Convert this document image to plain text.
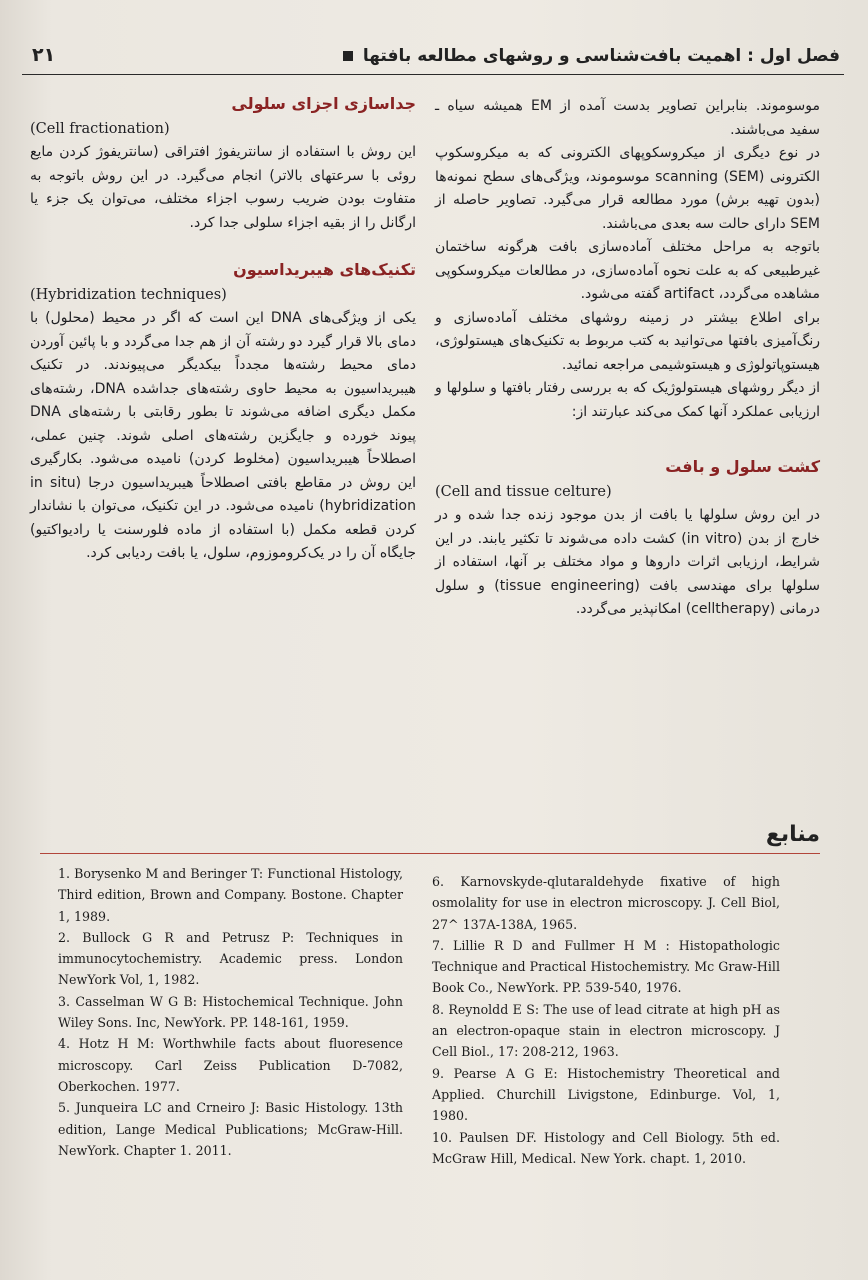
فصل اول : اهمیت بافت‌شناسی و روشهای مطالعه بافتها
۲۱

موسوموند. بنابراین تصاویر بدست آمده از EM همیشه سیاه ـ سفید می‌باشند.

در نوع دیگری از میکروسکوپهای الکترونی که به میکروسکوپ الکترونی scanning (SEM) موسوموند، ویژگی‌های سطح نمونه‌ها (بدون تهیه برش) مورد مطالعه قرار می‌گیرد. تصاویر حاصله از SEM دارای حالت سه بعدی می‌باشند.

باتوجه به مراحل مختلف آماده‌سازی بافت هرگونه ساختمان غیرطبیعی که به علت نحوه آماده‌سازی، در مطالعات میکروسکوپی مشاهده می‌گردد، artifact گفته می‌شود.

برای اطلاع بیشتر در زمینه روشهای مختلف آماده‌سازی و رنگ‌آمیزی بافتها می‌توانید به کتب مربوط به تکنیک‌های هیستولوژی، هیستوپاتولوژی و هیستوشیمی مراجعه نمائید.

از دیگر روشهای هیستولوژیک که به بررسی رفتار بافتها و سلولها و ارزیابی عملکرد آنها کمک می‌کند عبارتند از:

کشت سلول و بافت
(Cell and tissue celture)

در این روش سلولها یا بافت از بدن موجود زنده جدا شده و در خارج از بدن (in vitro) کشت داده می‌شوند تا تکثیر یابند. در این شرایط، ارزیابی اثرات داروها و مواد مختلف بر آنها، استفاده از سلولها برای مهندسی بافت (tissue engineering) و سلول درمانی (celltherapy) امکانپذیر می‌گردد.

جداسازی اجزای سلولی
(Cell fractionation)

این روش با استفاده از سانتریفوژ افتراقی (سانتریفوژ کردن مایع روئی با سرعتهای بالاتر) انجام می‌گیرد. در این روش باتوجه به متفاوت بودن ضریب رسوب اجزاء مختلف، می‌توان یک جزء یا ارگانل را از بقیه اجزاء سلولی جدا کرد.

تکنیک‌های هیبریداسیون
(Hybridization techniques)

یکی از ویژگی‌های DNA این است که اگر در محیط (محلول) با دمای بالا قرار گیرد دو رشته آن از هم جدا می‌گردد و با پائین آوردن دمای محیط رشته‌ها مجدداً بیکدیگر می‌پیوندند. در تکنیک هیبریداسیون به محیط حاوی رشته‌های جداشده DNA، رشته‌های مکمل دیگری اضافه می‌شوند تا بطور رقابتی با رشته‌های DNA پیوند خورده و جایگزین رشته‌های اصلی شوند. چنین عملی، اصطلاحاً هیبریداسیون (مخلوط کردن) نامیده می‌شود. بکارگیری این روش در مقاطع بافتی اصطلاحاً هیبریداسیون درجا (in situ hybridization) نامیده می‌شود. در این تکنیک، می‌توان با نشاندار کردن قطعه مکمل (با استفاده از ماده فلورسنت یا رادیواکتیو) جایگاه آن را در یک‌کروموزوم، سلول، یا بافت ردیابی کرد.

منابع

1. Borysenko M and Beringer T: Functional Histology, Third edition, Brown and Company. Bostone. Chapter 1, 1989.

2. Bullock G R and Petrusz P: Techniques in immunocytochemistry. Academic press. London NewYork Vol, 1, 1982.

3. Casselman W G B: Histochemical Technique. John Wiley Sons. Inc, NewYork. PP. 148-161, 1959.

4. Hotz H M: Worthwhile facts about fluoresence microscopy. Carl Zeiss Publication D-7082, Oberkochen. 1977.

5. Junqueira LC and Crneiro J: Basic Histology. 13th edition, Lange Medical Publications; McGraw-Hill. NewYork. Chapter 1. 2011.

6. Karnovskyde-qlutaraldehyde fixative of high osmolality for use in electron microscopy. J. Cell Biol, 27^ 137A-138A, 1965.

7. Lillie R D and Fullmer H M : Histopathologic Technique and Practical Histochemistry. Mc Graw-Hill Book Co., NewYork. PP. 539-540, 1976.

8. Reynoldd E S: The use of lead citrate at high pH as an electron-opaque stain in electron microscopy. J Cell Biol., 17: 208-212, 1963.

9. Pearse A G E: Histochemistry Theoretical and Applied. Churchill Livigstone, Edinburge. Vol, 1, 1980.

10. Paulsen DF. Histology and Cell Biology. 5th ed. McGraw Hill, Medical. New York. chapt. 1, 2010.
